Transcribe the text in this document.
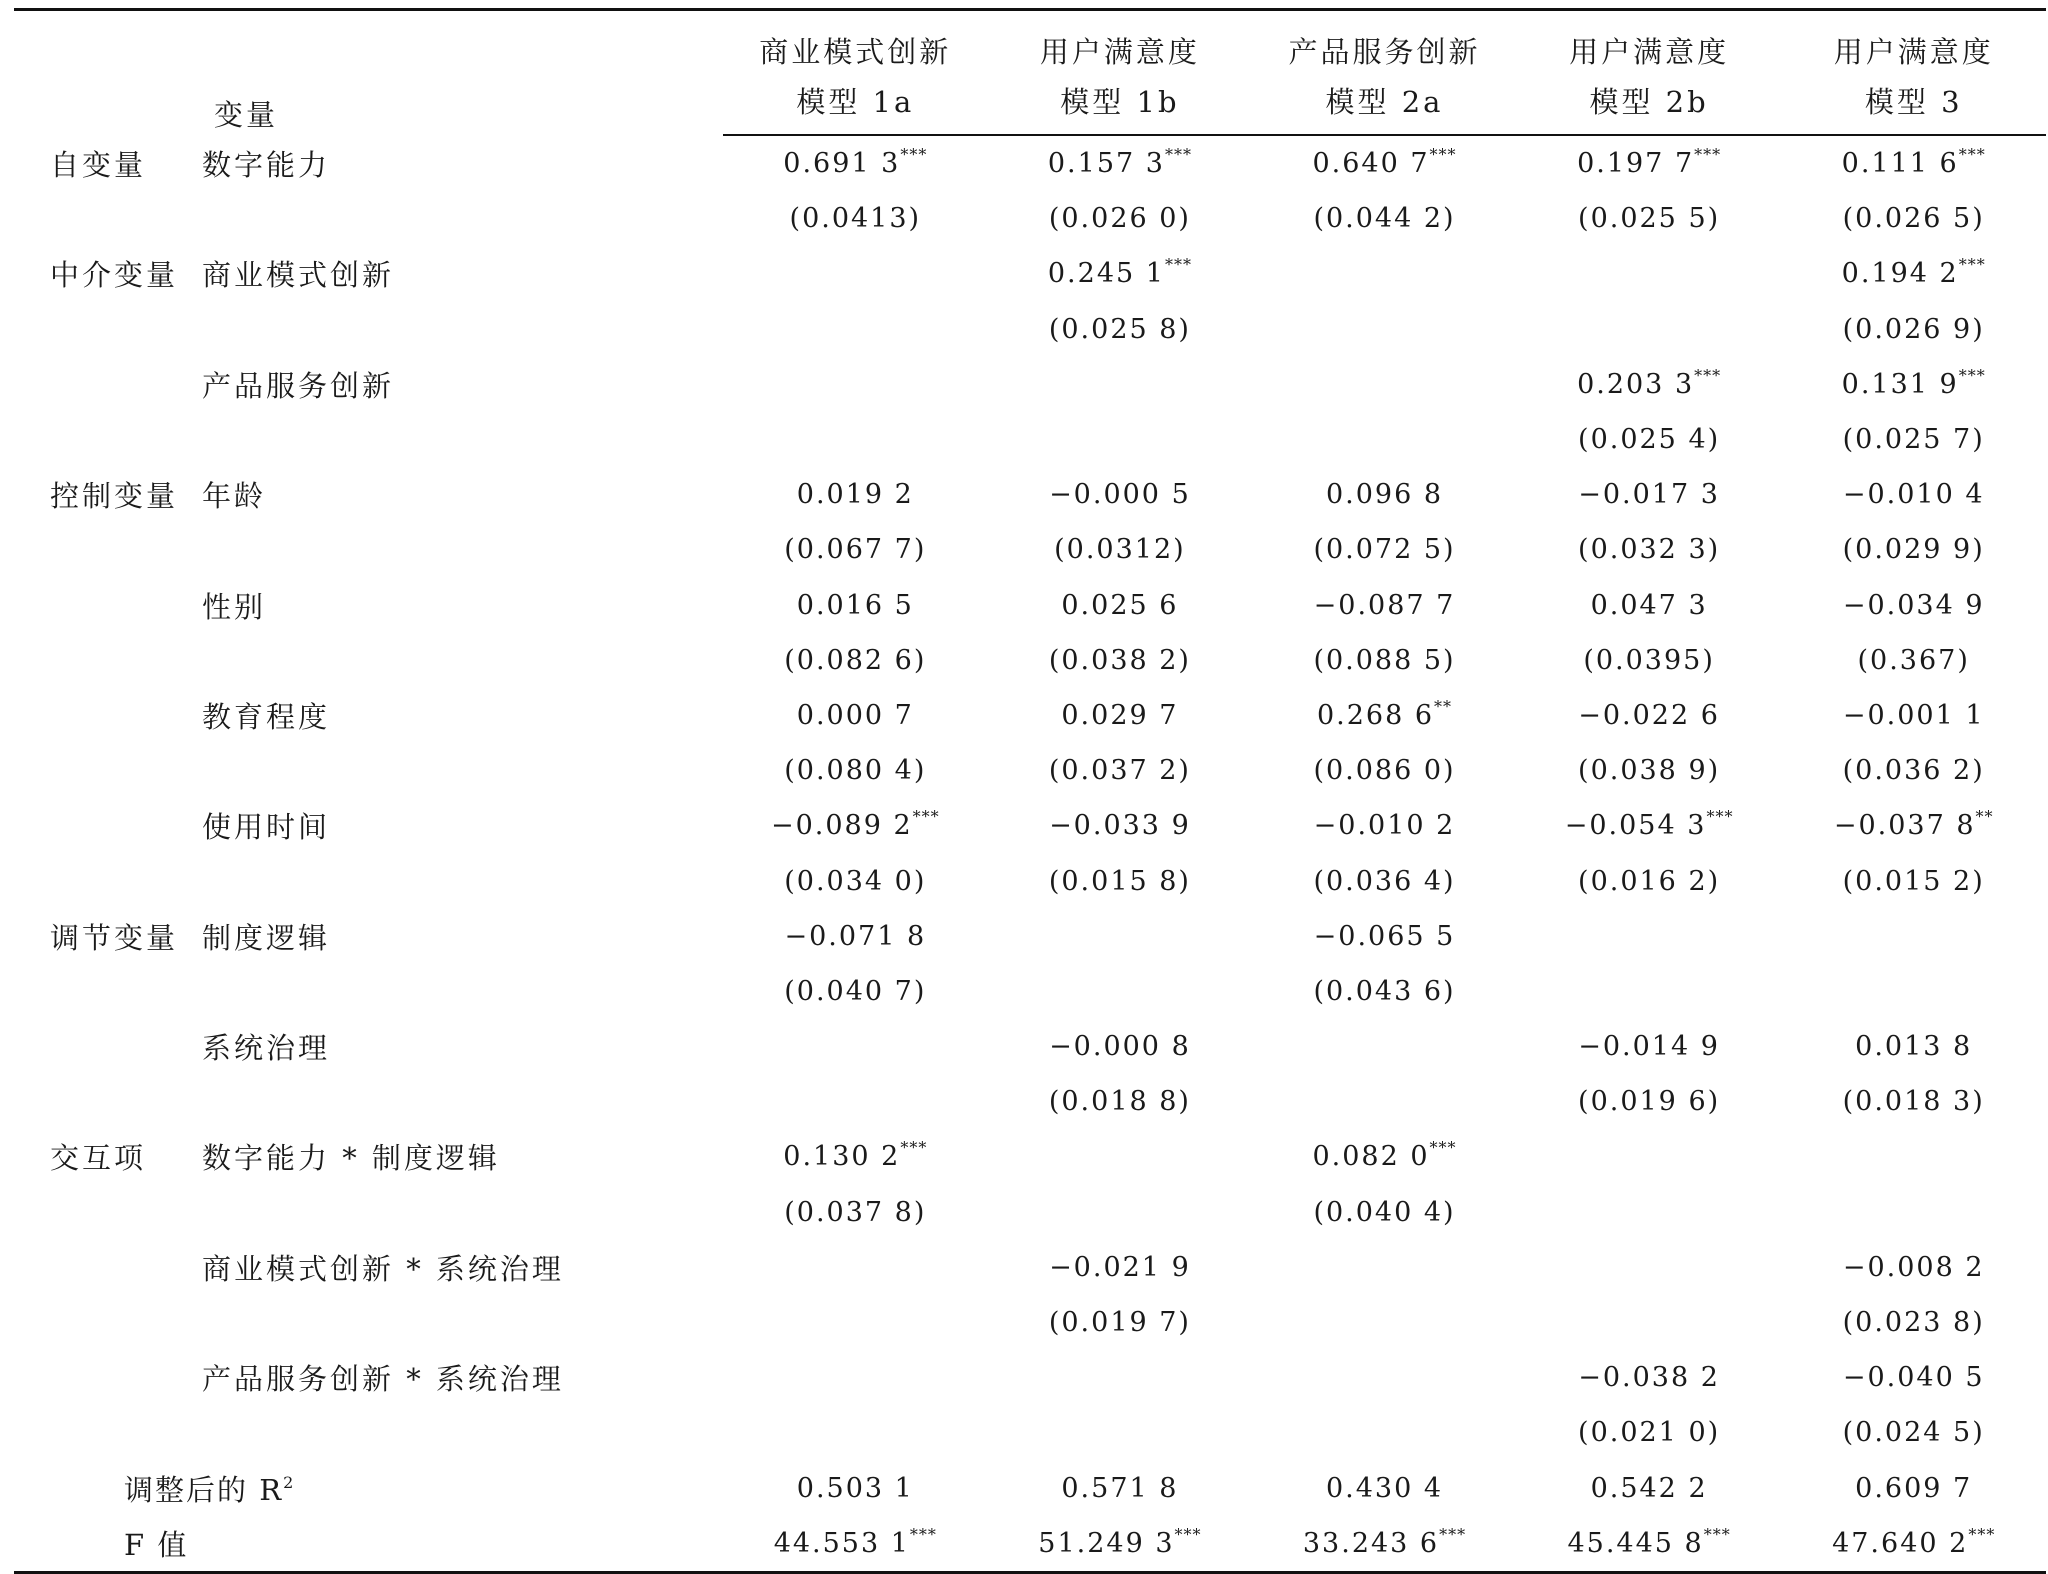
变量		商业模式创新	用户满意度	产品服务创新	用户满意度	用户满意度
		模型 1a	模型 1b	模型 2a	模型 2b	模型 3
自变量	数字能力	0.691 3***	0.157 3***	0.640 7***	0.197 7***	0.111 6***
		(0.0413)	(0.026 0)	(0.044 2)	(0.025 5)	(0.026 5)
中介变量	商业模式创新		0.245 1***			0.194 2***
			(0.025 8)			(0.026 9)
	产品服务创新				0.203 3***	0.131 9***
					(0.025 4)	(0.025 7)
控制变量	年龄	0.019 2	−0.000 5	0.096 8	−0.017 3	−0.010 4
		(0.067 7)	(0.0312)	(0.072 5)	(0.032 3)	(0.029 9)
	性别	0.016 5	0.025 6	−0.087 7	0.047 3	−0.034 9
		(0.082 6)	(0.038 2)	(0.088 5)	(0.0395)	(0.367)
	教育程度	0.000 7	0.029 7	0.268 6**	−0.022 6	−0.001 1
		(0.080 4)	(0.037 2)	(0.086 0)	(0.038 9)	(0.036 2)
	使用时间	−0.089 2***	−0.033 9	−0.010 2	−0.054 3***	−0.037 8**
		(0.034 0)	(0.015 8)	(0.036 4)	(0.016 2)	(0.015 2)
调节变量	制度逻辑	−0.071 8		−0.065 5		
		(0.040 7)		(0.043 6)		
	系统治理		−0.000 8		−0.014 9	0.013 8
			(0.018 8)		(0.019 6)	(0.018 3)
交互项	数字能力 * 制度逻辑	0.130 2***		0.082 0***		
		(0.037 8)		(0.040 4)		
	商业模式创新 * 系统治理		−0.021 9			−0.008 2
			(0.019 7)			(0.023 8)
	产品服务创新 * 系统治理				−0.038 2	−0.040 5
					(0.021 0)	(0.024 5)
调整后的 $R^2$		0.503 1	0.571 8	0.430 4	0.542 2	0.609 7
F 值		44.553 1***	51.249 3***	33.243 6***	45.445 8***	47.640 2***
